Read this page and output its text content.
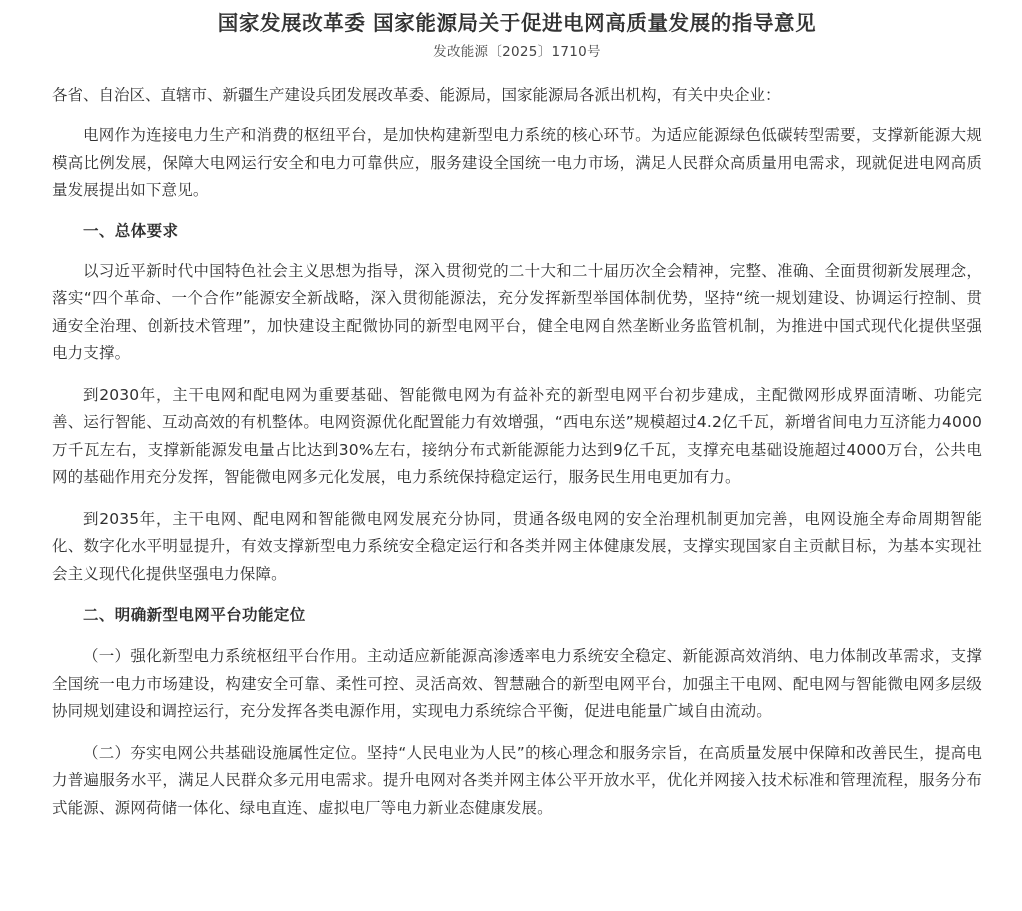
国家发展改革委 国家能源局关于促进电网高质量发展的指导意见
发改能源〔2025〕1710号
各省、自治区、直辖市、新疆生产建设兵团发展改革委、能源局，国家能源局各派出机构，有关中央企业：

电网作为连接电力生产和消费的枢纽平台，是加快构建新型电力系统的核心环节。为适应能源绿色低碳转型需要，支撑新能源大规模高比例发展，保障大电网运行安全和电力可靠供应，服务建设全国统一电力市场，满足人民群众高质量用电需求，现就促进电网高质量发展提出如下意见。

一、总体要求

以习近平新时代中国特色社会主义思想为指导，深入贯彻党的二十大和二十届历次全会精神，完整、准确、全面贯彻新发展理念，落实“四个革命、一个合作”能源安全新战略，深入贯彻能源法，充分发挥新型举国体制优势，坚持“统一规划建设、协调运行控制、贯通安全治理、创新技术管理”，加快建设主配微协同的新型电网平台，健全电网自然垄断业务监管机制，为推进中国式现代化提供坚强电力支撑。

到2030年，主干电网和配电网为重要基础、智能微电网为有益补充的新型电网平台初步建成，主配微网形成界面清晰、功能完善、运行智能、互动高效的有机整体。电网资源优化配置能力有效增强，“西电东送”规模超过4.2亿千瓦，新增省间电力互济能力4000万千瓦左右，支撑新能源发电量占比达到30%左右，接纳分布式新能源能力达到9亿千瓦，支撑充电基础设施超过4000万台，公共电网的基础作用充分发挥，智能微电网多元化发展，电力系统保持稳定运行，服务民生用电更加有力。

到2035年，主干电网、配电网和智能微电网发展充分协同，贯通各级电网的安全治理机制更加完善，电网设施全寿命周期智能化、数字化水平明显提升，有效支撑新型电力系统安全稳定运行和各类并网主体健康发展，支撑实现国家自主贡献目标，为基本实现社会主义现代化提供坚强电力保障。

二、明确新型电网平台功能定位

（一）强化新型电力系统枢纽平台作用。主动适应新能源高渗透率电力系统安全稳定、新能源高效消纳、电力体制改革需求，支撑全国统一电力市场建设，构建安全可靠、柔性可控、灵活高效、智慧融合的新型电网平台，加强主干电网、配电网与智能微电网多层级协同规划建设和调控运行，充分发挥各类电源作用，实现电力系统综合平衡，促进电能量广域自由流动。

（二）夯实电网公共基础设施属性定位。坚持“人民电业为人民”的核心理念和服务宗旨，在高质量发展中保障和改善民生，提高电力普遍服务水平，满足人民群众多元用电需求。提升电网对各类并网主体公平开放水平，优化并网接入技术标准和管理流程，服务分布式能源、源网荷储一体化、绿电直连、虚拟电厂等电力新业态健康发展。
